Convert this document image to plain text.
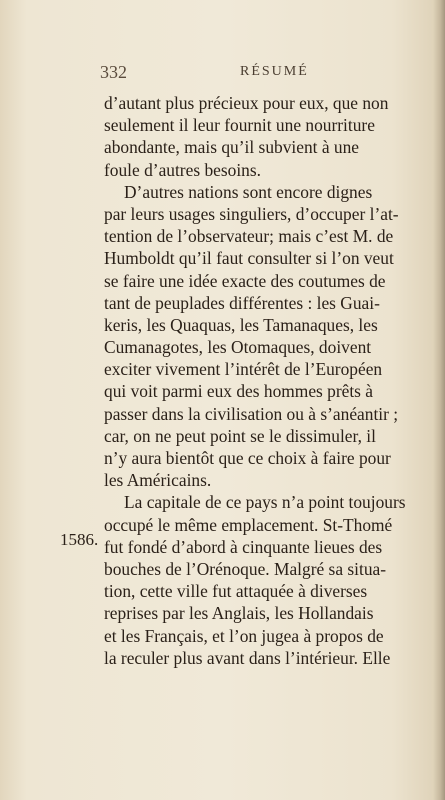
332	RÉSUMÉ
d’autant plus précieux pour eux, que non
seulement il leur fournit une nourriture
abondante, mais qu’il subvient à une
foule d’autres besoins.
D’autres nations sont encore dignes
par leurs usages singuliers, d’occuper l’at-
tention de l’observateur; mais c’est M. de
Humboldt qu’il faut consulter si l’on veut
se faire une idée exacte des coutumes de
tant de peuplades différentes : les Guai-
keris, les Quaquas, les Tamanaques, les
Cumanagotes, les Otomaques, doivent
exciter vivement l’intérêt de l’Européen
qui voit parmi eux des hommes prêts à
passer dans la civilisation ou à s’anéantir ;
car, on ne peut point se le dissimuler, il
n’y aura bientôt que ce choix à faire pour
les Américains.
La capitale de ce pays n’a point toujours
occupé le même emplacement. St-Thomé
fut fondé d’abord à cinquante lieues des
bouches de l’Orénoque. Malgré sa situa-
tion, cette ville fut attaquée à diverses
reprises par les Anglais, les Hollandais
et les Français, et l’on jugea à propos de
la reculer plus avant dans l’intérieur. Elle
1586.
